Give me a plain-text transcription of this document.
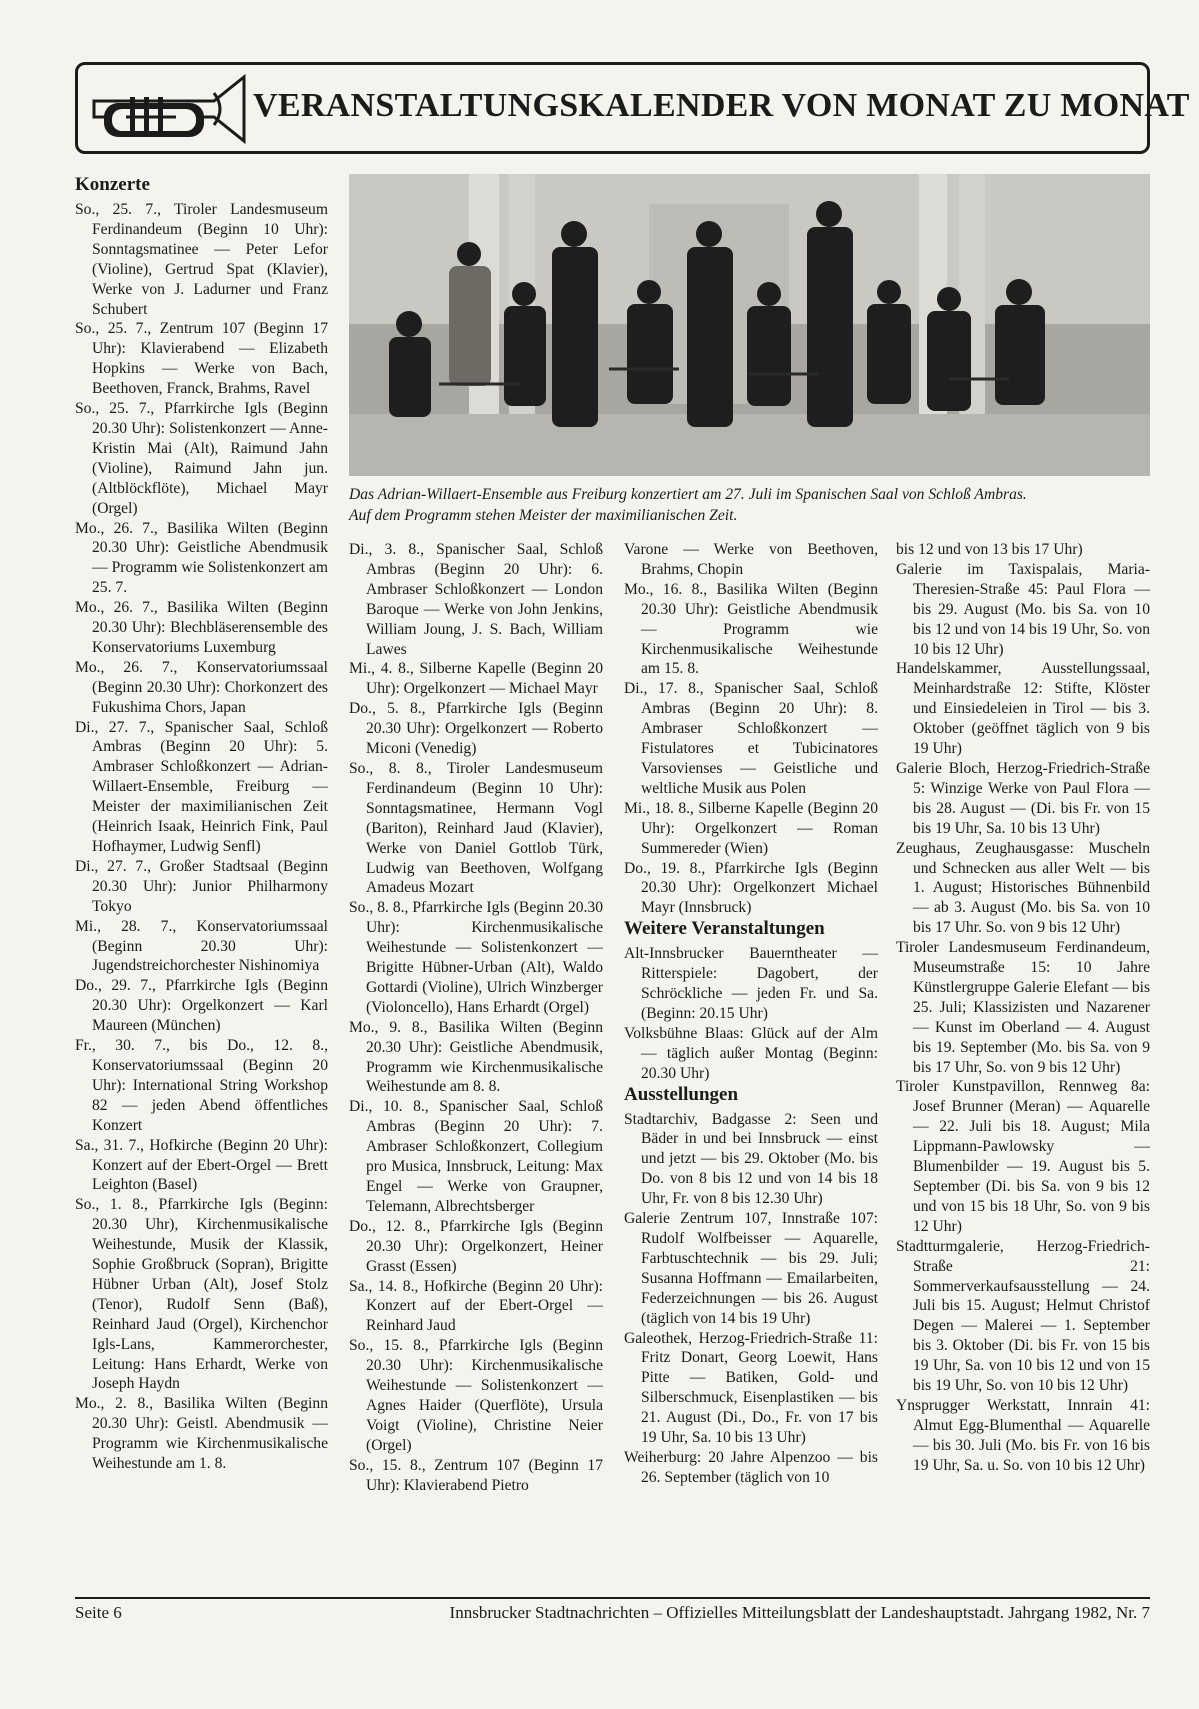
VERANSTALTUNGSKALENDER VON MONAT ZU MONAT
Konzerte

So., 25. 7., Tiroler Landesmuseum Ferdinandeum (Beginn 10 Uhr): Sonntagsmatinee — Peter Lefor (Violine), Gertrud Spat (Klavier), Werke von J. Ladurner und Franz Schubert

So., 25. 7., Zentrum 107 (Beginn 17 Uhr): Klavierabend — Elizabeth Hopkins — Werke von Bach, Beethoven, Franck, Brahms, Ravel

So., 25. 7., Pfarrkirche Igls (Beginn 20.30 Uhr): Solistenkonzert — Anne-Kristin Mai (Alt), Raimund Jahn (Violine), Raimund Jahn jun. (Altblöckflöte), Michael Mayr (Orgel)

Mo., 26. 7., Basilika Wilten (Beginn 20.30 Uhr): Geistliche Abendmusik — Programm wie Solistenkonzert am 25. 7.

Mo., 26. 7., Basilika Wilten (Beginn 20.30 Uhr): Blechbläserensemble des Konservatoriums Luxemburg

Mo., 26. 7., Konservatoriumssaal (Beginn 20.30 Uhr): Chorkonzert des Fukushima Chors, Japan

Di., 27. 7., Spanischer Saal, Schloß Ambras (Beginn 20 Uhr): 5. Ambraser Schloßkonzert — Adrian-Willaert-Ensemble, Freiburg — Meister der maximilianischen Zeit (Heinrich Isaak, Heinrich Fink, Paul Hofhaymer, Ludwig Senfl)

Di., 27. 7., Großer Stadtsaal (Beginn 20.30 Uhr): Junior Philharmony Tokyo

Mi., 28. 7., Konservatoriumssaal (Beginn 20.30 Uhr): Jugendstreichorchester Nishinomiya

Do., 29. 7., Pfarrkirche Igls (Beginn 20.30 Uhr): Orgelkonzert — Karl Maureen (München)

Fr., 30. 7., bis Do., 12. 8., Konservatoriumssaal (Beginn 20 Uhr): International String Workshop 82 — jeden Abend öffentliches Konzert

Sa., 31. 7., Hofkirche (Beginn 20 Uhr): Konzert auf der Ebert-Orgel — Brett Leighton (Basel)

So., 1. 8., Pfarrkirche Igls (Beginn: 20.30 Uhr), Kirchenmusikalische Weihestunde, Musik der Klassik, Sophie Großbruck (Sopran), Brigitte Hübner Urban (Alt), Josef Stolz (Tenor), Rudolf Senn (Baß), Reinhard Jaud (Orgel), Kirchenchor Igls-Lans, Kammerorchester, Leitung: Hans Erhardt, Werke von Joseph Haydn

Mo., 2. 8., Basilika Wilten (Beginn 20.30 Uhr): Geistl. Abendmusik — Programm wie Kirchenmusikalische Weihestunde am 1. 8.

Das Adrian-Willaert-Ensemble aus Freiburg konzertiert am 27. Juli im Spanischen Saal von Schloß Ambras.
Auf dem Programm stehen Meister der maximilianischen Zeit.

Di., 3. 8., Spanischer Saal, Schloß Ambras (Beginn 20 Uhr): 6. Ambraser Schloßkonzert — London Baroque — Werke von John Jenkins, William Joung, J. S. Bach, William Lawes

Mi., 4. 8., Silberne Kapelle (Beginn 20 Uhr): Orgelkonzert — Michael Mayr

Do., 5. 8., Pfarrkirche Igls (Beginn 20.30 Uhr): Orgelkonzert — Roberto Miconi (Venedig)

So., 8. 8., Tiroler Landesmuseum Ferdinandeum (Beginn 10 Uhr): Sonntagsmatinee, Hermann Vogl (Bariton), Reinhard Jaud (Klavier), Werke von Daniel Gottlob Türk, Ludwig van Beethoven, Wolfgang Amadeus Mozart

So., 8. 8., Pfarrkirche Igls (Beginn 20.30 Uhr): Kirchenmusikalische Weihestunde — Solistenkonzert — Brigitte Hübner-Urban (Alt), Waldo Gottardi (Violine), Ulrich Winzberger (Violoncello), Hans Erhardt (Orgel)

Mo., 9. 8., Basilika Wilten (Beginn 20.30 Uhr): Geistliche Abendmusik, Programm wie Kirchenmusikalische Weihestunde am 8. 8.

Di., 10. 8., Spanischer Saal, Schloß Ambras (Beginn 20 Uhr): 7. Ambraser Schloßkonzert, Collegium pro Musica, Innsbruck, Leitung: Max Engel — Werke von Graupner, Telemann, Albrechtsberger

Do., 12. 8., Pfarrkirche Igls (Beginn 20.30 Uhr): Orgelkonzert, Heiner Grasst (Essen)

Sa., 14. 8., Hofkirche (Beginn 20 Uhr): Konzert auf der Ebert-Orgel — Reinhard Jaud

So., 15. 8., Pfarrkirche Igls (Beginn 20.30 Uhr): Kirchenmusikalische Weihestunde — Solistenkonzert — Agnes Haider (Querflöte), Ursula Voigt (Violine), Christine Neier (Orgel)

So., 15. 8., Zentrum 107 (Beginn 17 Uhr): Klavierabend Pietro

Varone — Werke von Beethoven, Brahms, Chopin

Mo., 16. 8., Basilika Wilten (Beginn 20.30 Uhr): Geistliche Abendmusik — Programm wie Kirchenmusikalische Weihestunde am 15. 8.

Di., 17. 8., Spanischer Saal, Schloß Ambras (Beginn 20 Uhr): 8. Ambraser Schloßkonzert — Fistulatores et Tubicinatores Varsovienses — Geistliche und weltliche Musik aus Polen

Mi., 18. 8., Silberne Kapelle (Beginn 20 Uhr): Orgelkonzert — Roman Summereder (Wien)

Do., 19. 8., Pfarrkirche Igls (Beginn 20.30 Uhr): Orgelkonzert Michael Mayr (Innsbruck)

Weitere Veranstaltungen

Alt-Innsbrucker Bauerntheater — Ritterspiele: Dagobert, der Schröckliche — jeden Fr. und Sa. (Beginn: 20.15 Uhr)

Volksbühne Blaas: Glück auf der Alm — täglich außer Montag (Beginn: 20.30 Uhr)

Ausstellungen

Stadtarchiv, Badgasse 2: Seen und Bäder in und bei Innsbruck — einst und jetzt — bis 29. Oktober (Mo. bis Do. von 8 bis 12 und von 14 bis 18 Uhr, Fr. von 8 bis 12.30 Uhr)

Galerie Zentrum 107, Innstraße 107: Rudolf Wolfbeisser — Aquarelle, Farbtuschtechnik — bis 29. Juli; Susanna Hoffmann — Emailarbeiten, Federzeichnungen — bis 26. August (täglich von 14 bis 19 Uhr)

Galeothek, Herzog-Friedrich-Straße 11: Fritz Donart, Georg Loewit, Hans Pitte — Batiken, Gold- und Silberschmuck, Eisenplastiken — bis 21. August (Di., Do., Fr. von 17 bis 19 Uhr, Sa. 10 bis 13 Uhr)

Weiherburg: 20 Jahre Alpenzoo — bis 26. September (täglich von 10

bis 12 und von 13 bis 17 Uhr)

Galerie im Taxispalais, Maria-Theresien-Straße 45: Paul Flora — bis 29. August (Mo. bis Sa. von 10 bis 12 und von 14 bis 19 Uhr, So. von 10 bis 12 Uhr)

Handelskammer, Ausstellungssaal, Meinhardstraße 12: Stifte, Klöster und Einsiedeleien in Tirol — bis 3. Oktober (geöffnet täglich von 9 bis 19 Uhr)

Galerie Bloch, Herzog-Friedrich-Straße 5: Winzige Werke von Paul Flora — bis 28. August — (Di. bis Fr. von 15 bis 19 Uhr, Sa. 10 bis 13 Uhr)

Zeughaus, Zeughausgasse: Muscheln und Schnecken aus aller Welt — bis 1. August; Historisches Bühnenbild — ab 3. August (Mo. bis Sa. von 10 bis 17 Uhr. So. von 9 bis 12 Uhr)

Tiroler Landesmuseum Ferdinandeum, Museumstraße 15: 10 Jahre Künstlergruppe Galerie Elefant — bis 25. Juli; Klassizisten und Nazarener — Kunst im Oberland — 4. August bis 19. September (Mo. bis Sa. von 9 bis 17 Uhr, So. von 9 bis 12 Uhr)

Tiroler Kunstpavillon, Rennweg 8a: Josef Brunner (Meran) — Aquarelle — 22. Juli bis 18. August; Mila Lippmann-Pawlowsky — Blumenbilder — 19. August bis 5. September (Di. bis Sa. von 9 bis 12 und von 15 bis 18 Uhr, So. von 9 bis 12 Uhr)

Stadtturmgalerie, Herzog-Friedrich-Straße 21: Sommerverkaufsausstellung — 24. Juli bis 15. August; Helmut Christof Degen — Malerei — 1. September bis 3. Oktober (Di. bis Fr. von 15 bis 19 Uhr, Sa. von 10 bis 12 und von 15 bis 19 Uhr, So. von 10 bis 12 Uhr)

Ynsprugger Werkstatt, Innrain 41: Almut Egg-Blumenthal — Aquarelle — bis 30. Juli (Mo. bis Fr. von 16 bis 19 Uhr, Sa. u. So. von 10 bis 12 Uhr)

Seite 6	Innsbrucker Stadtnachrichten – Offizielles Mitteilungsblatt der Landeshauptstadt. Jahrgang 1982, Nr. 7
